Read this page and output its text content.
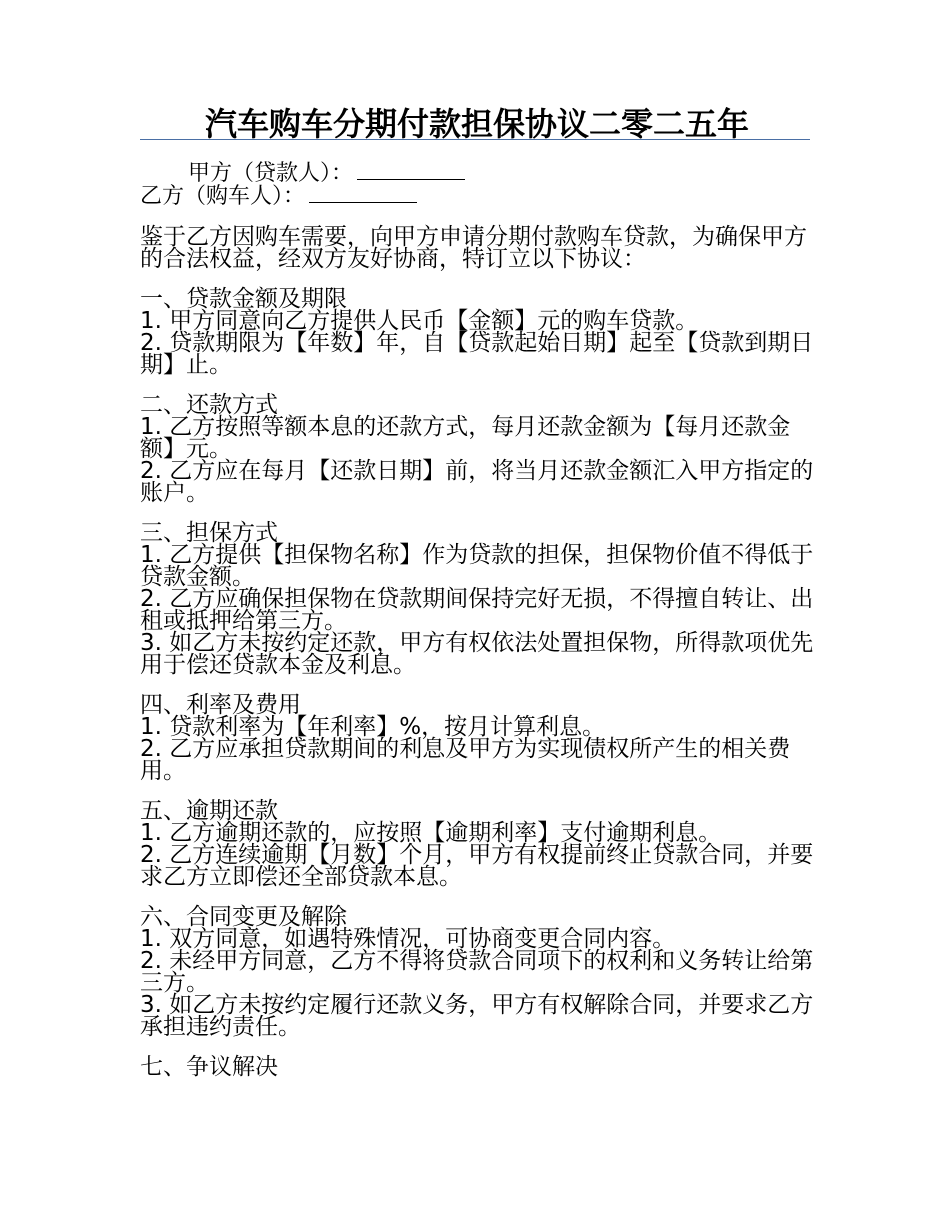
汽车购车分期付款担保协议二零二五年
甲方（贷款人）：
乙方（购车人）：

鉴于乙方因购车需要，向甲方申请分期付款购车贷款，为确保甲方的合法权益，经双方友好协商，特订立以下协议：

一、贷款金额及期限

1. 甲方同意向乙方提供人民币【金额】元的购车贷款。

2. 贷款期限为【年数】年，自【贷款起始日期】起至【贷款到期日期】止。

二、还款方式

1. 乙方按照等额本息的还款方式，每月还款金额为【每月还款金额】元。

2. 乙方应在每月【还款日期】前，将当月还款金额汇入甲方指定的账户。

三、担保方式

1. 乙方提供【担保物名称】作为贷款的担保，担保物价值不得低于贷款金额。

2. 乙方应确保担保物在贷款期间保持完好无损，不得擅自转让、出租或抵押给第三方。

3. 如乙方未按约定还款，甲方有权依法处置担保物，所得款项优先用于偿还贷款本金及利息。

四、利率及费用

1. 贷款利率为【年利率】%，按月计算利息。

2. 乙方应承担贷款期间的利息及甲方为实现债权所产生的相关费用。

五、逾期还款

1. 乙方逾期还款的，应按照【逾期利率】支付逾期利息。

2. 乙方连续逾期【月数】个月，甲方有权提前终止贷款合同，并要求乙方立即偿还全部贷款本息。

六、合同变更及解除

1. 双方同意，如遇特殊情况，可协商变更合同内容。

2. 未经甲方同意，乙方不得将贷款合同项下的权利和义务转让给第三方。

3. 如乙方未按约定履行还款义务，甲方有权解除合同，并要求乙方承担违约责任。

七、争议解决
